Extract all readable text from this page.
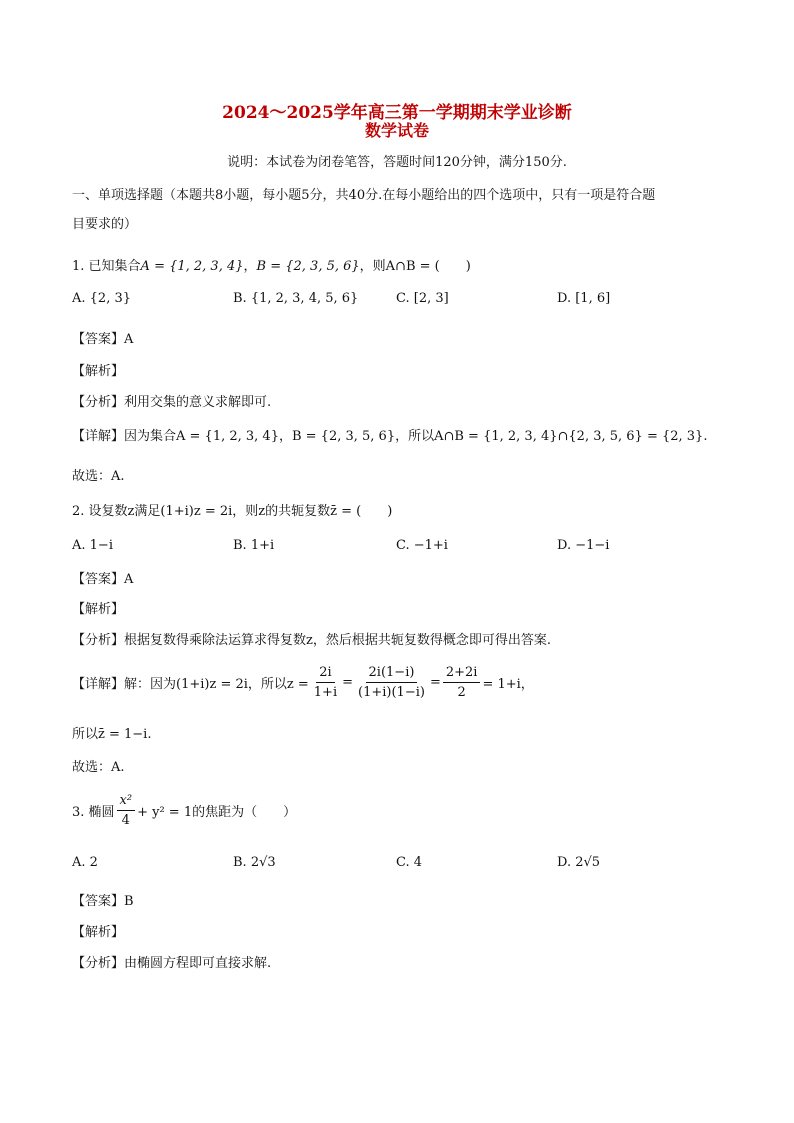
2024～2025学年高三第一学期期末学业诊断
数学试卷
说明：本试卷为闭卷笔答，答题时间120分钟，满分150分.
一、单项选择题（本题共8小题，每小题5分，共40分.在每小题给出的四个选项中，只有一项是符合题
目要求的）
1. 已知集合A = {1, 2, 3, 4}，B = {2, 3, 5, 6}，则A∩B = (　　)
A. {2, 3}	B. {1, 2, 3, 4, 5, 6}	C. [2, 3]	D. [1, 6]
【答案】A
【解析】
【分析】利用交集的意义求解即可.
【详解】因为集合A = {1, 2, 3, 4}，B = {2, 3, 5, 6}，所以A∩B = {1, 2, 3, 4}∩{2, 3, 5, 6} = {2, 3}.
故选：A.
2. 设复数z满足(1+i)z = 2i，则z的共轭复数z̄ = (　　)
A. 1−i	B. 1+i	C. −1+i	D. −1−i
【答案】A
【解析】
【分析】根据复数得乘除法运算求得复数z，然后根据共轭复数得概念即可得出答案.
【详解】解：因为(1+i)z = 2i，所以$z = \frac{2i}{1+i} = \frac{2i(1-i)}{(1+i)(1-i)} = \frac{2+2i}{2} = 1+i$，
所以z̄ = 1−i.
故选：A.
3. 椭圆 $\frac{\text{x²}}{4} + y^2 = 1$的焦距为（　　）
A. 2	B. 2√3	C. 4	D. 2√5
【答案】B
【解析】
【分析】由椭圆方程即可直接求解.
